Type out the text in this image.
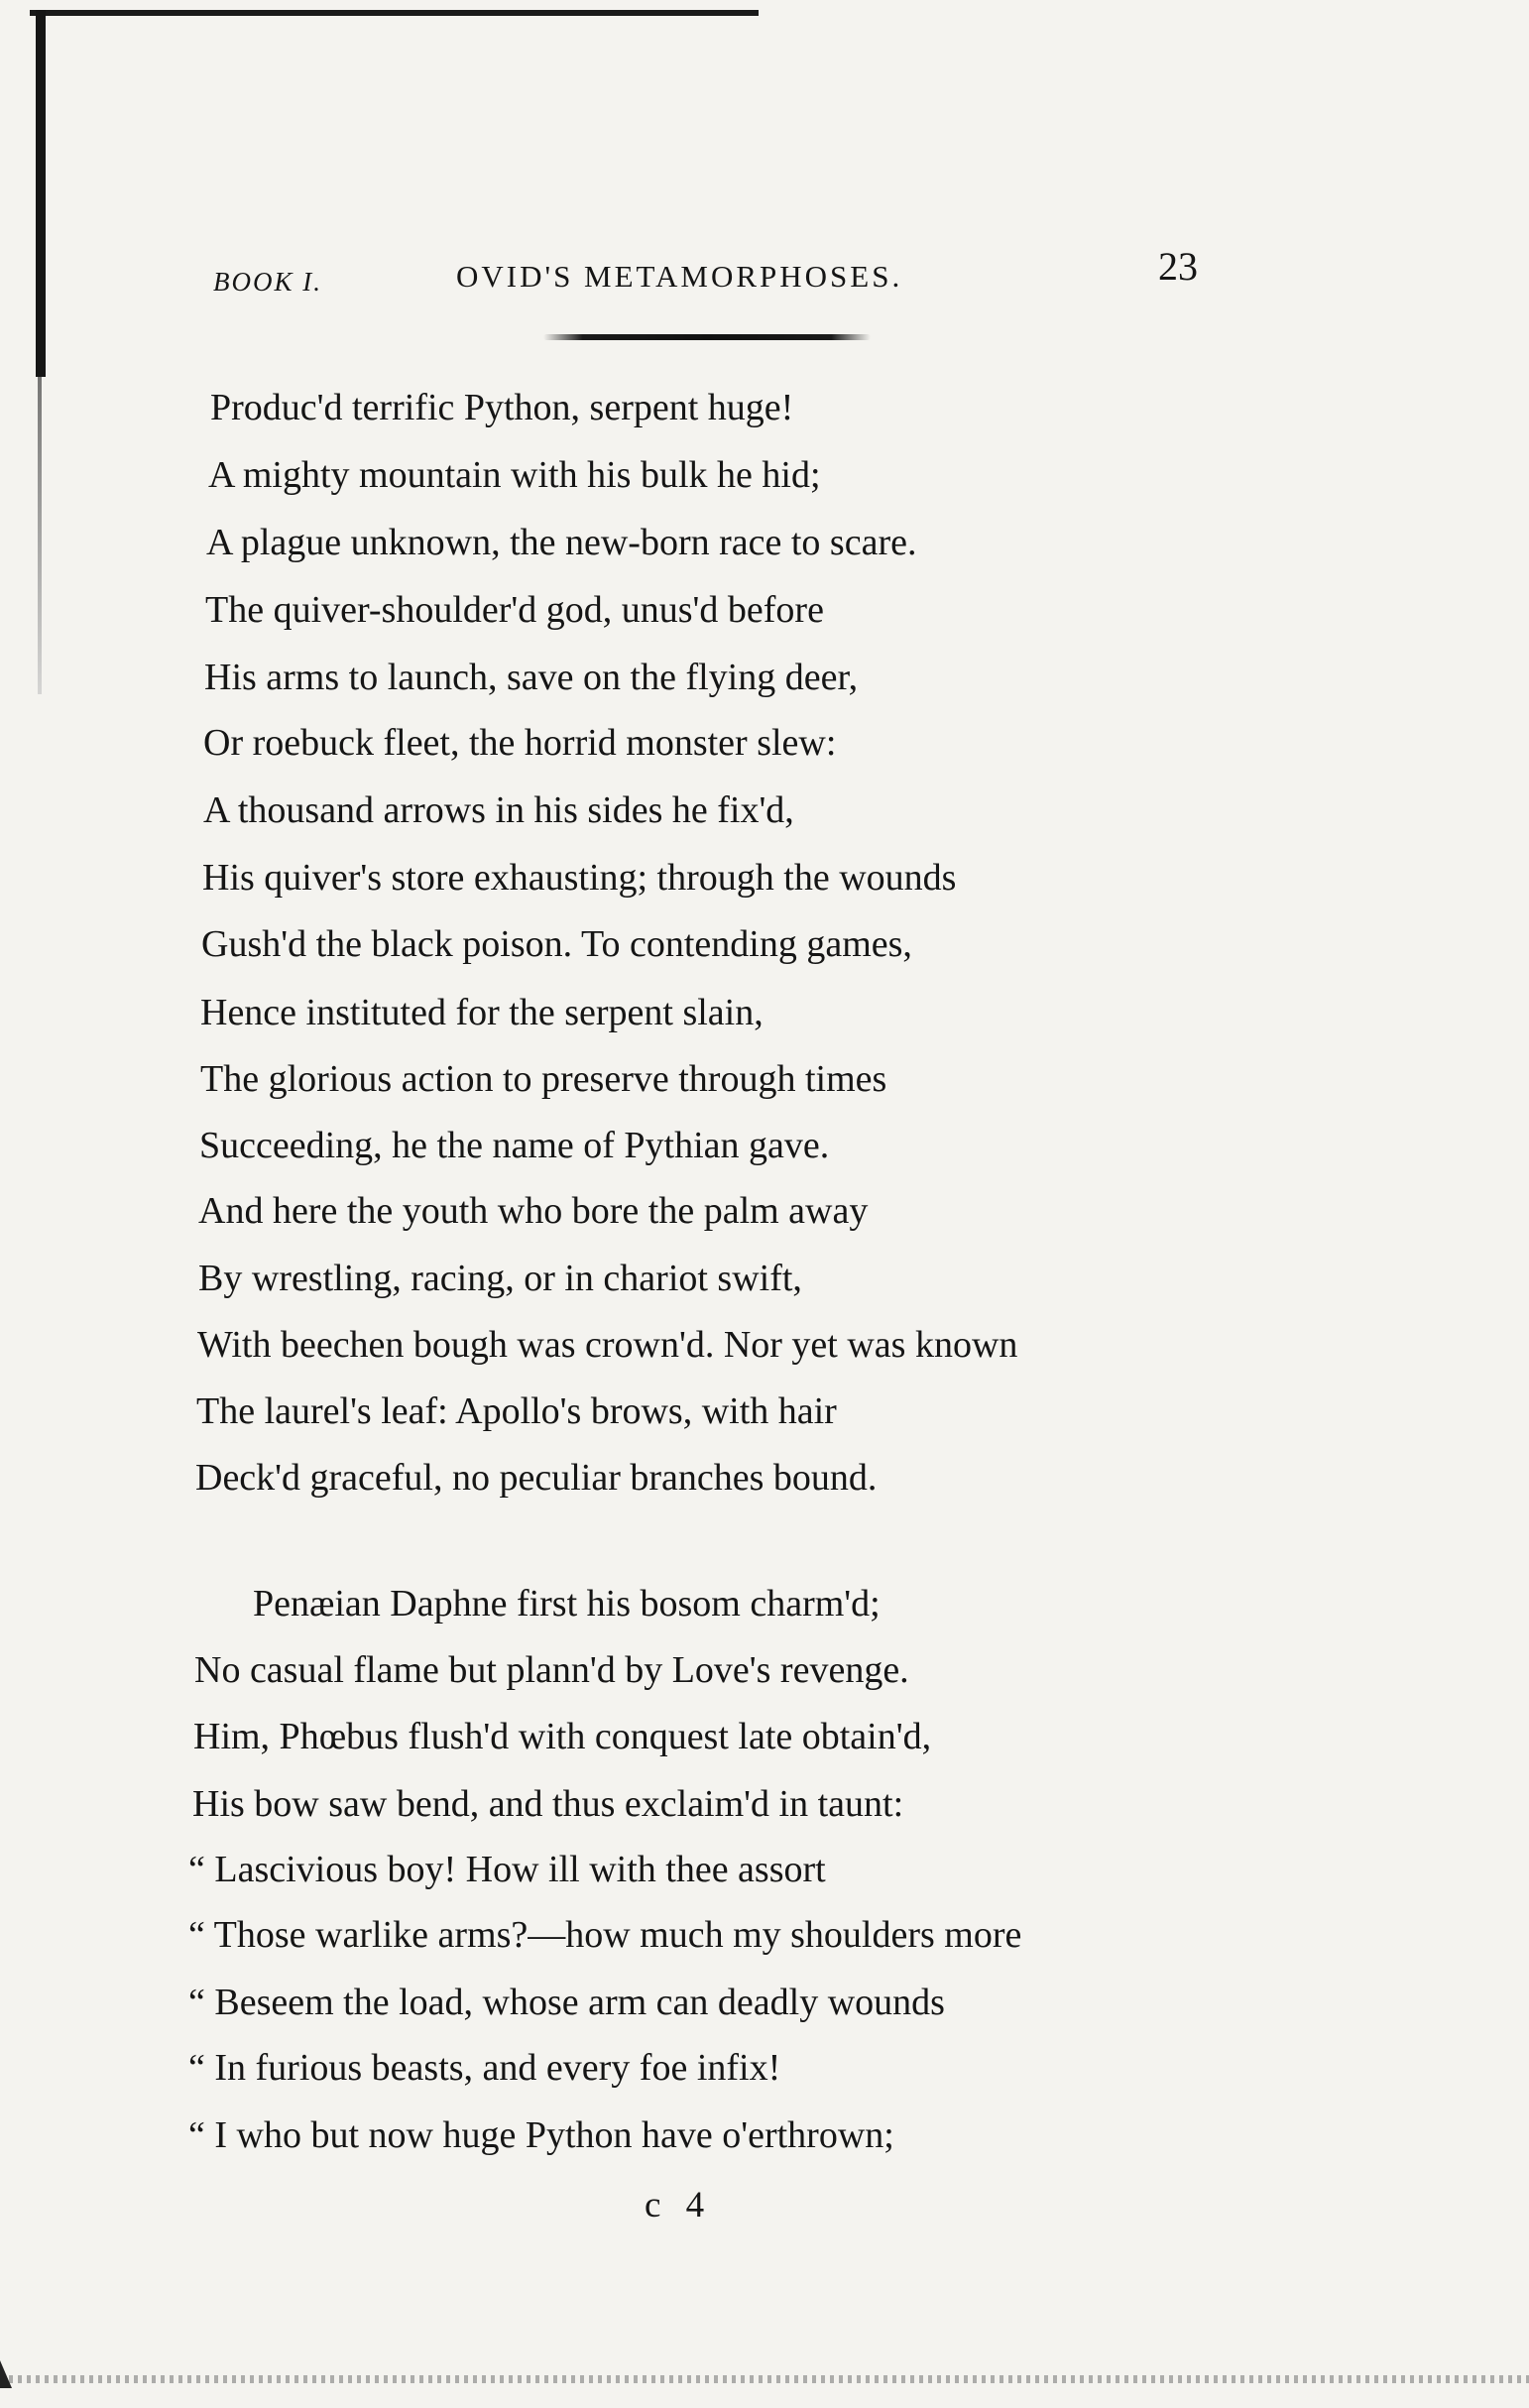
BOOK I.	OVID'S METAMORPHOSES.	23
Produc'd terrific Python, serpent huge!
A mighty mountain with his bulk he hid;
A plague unknown, the new-born race to scare.
The quiver-shoulder'd god, unus'd before
His arms to launch, save on the flying deer,
Or roebuck fleet, the horrid monster slew:
A thousand arrows in his sides he fix'd,
His quiver's store exhausting; through the wounds
Gush'd the black poison. To contending games,
Hence instituted for the serpent slain,
The glorious action to preserve through times
Succeeding, he the name of Pythian gave.
And here the youth who bore the palm away
By wrestling, racing, or in chariot swift,
With beechen bough was crown'd. Nor yet was known
The laurel's leaf: Apollo's brows, with hair
Deck'd graceful, no peculiar branches bound.
Penæian Daphne first his bosom charm'd;
No casual flame but plann'd by Love's revenge.
Him, Phœbus flush'd with conquest late obtain'd,
His bow saw bend, and thus exclaim'd in taunt:
“ Lascivious boy! How ill with thee assort
“ Those warlike arms?—how much my shoulders more
“ Beseem the load, whose arm can deadly wounds
“ In furious beasts, and every foe infix!
“ I who but now huge Python have o'erthrown;
c 4
